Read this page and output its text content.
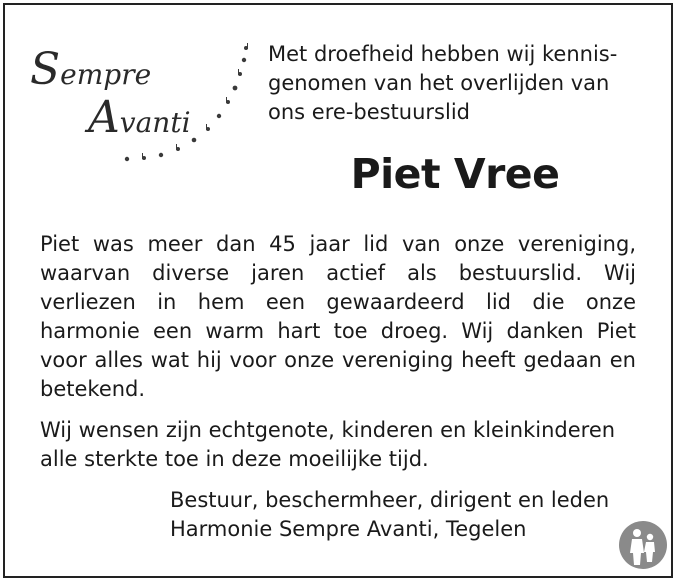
Sempre
Avanti

Met droefheid hebben wij kennis-genomen van het overlijden van ons ere-bestuurslid

Piet Vree

Piet was meer dan 45 jaar lid van onze vereniging, waarvan diverse jaren actief als bestuurslid. Wij verliezen in hem een gewaardeerd lid die onze harmonie een warm hart toe droeg. Wij danken Piet voor alles wat hij voor onze vereniging heeft gedaan en betekend.

Wij wensen zijn echtgenote, kinderen en kleinkinderen alle sterkte toe in deze moeilijke tijd.

Bestuur, beschermheer, dirigent en leden
Harmonie Sempre Avanti, Tegelen
